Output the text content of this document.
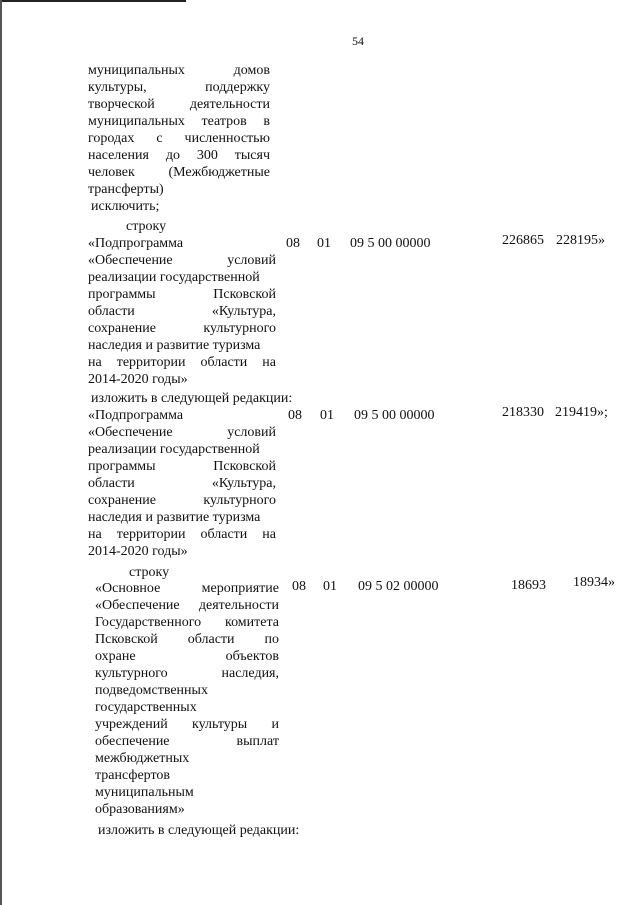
54
муниципальных домов
культуры, поддержку
творческой деятельности
муниципальных театров в
городах с численностью
населения до 300 тысяч
человек (Межбюджетные
трансферты)
исключить;
строку
«Подпрограмма
«Обеспечение условий
реализации государственной
программы Псковской
области «Культура,
сохранение культурного
наследия и развитие туризма
на территории области на
2014-2020 годы»
08 01 09 5 00 00000	226865 228195»
изложить в следующей редакции:
«Подпрограмма
«Обеспечение условий
реализации государственной
программы Псковской
области «Культура,
сохранение культурного
наследия и развитие туризма
на территории области на
2014-2020 годы»
08 01 09 5 00 00000	218330 219419»;
строку
«Основное мероприятие
«Обеспечение деятельности
Государственного комитета
Псковской области по
охране объектов
культурного наследия,
подведомственных
государственных
учреждений культуры и
обеспечение выплат
межбюджетных
трансфертов
муниципальным
образованиям»
08 01 09 5 02 00000	18693 18934»
изложить в следующей редакции:
